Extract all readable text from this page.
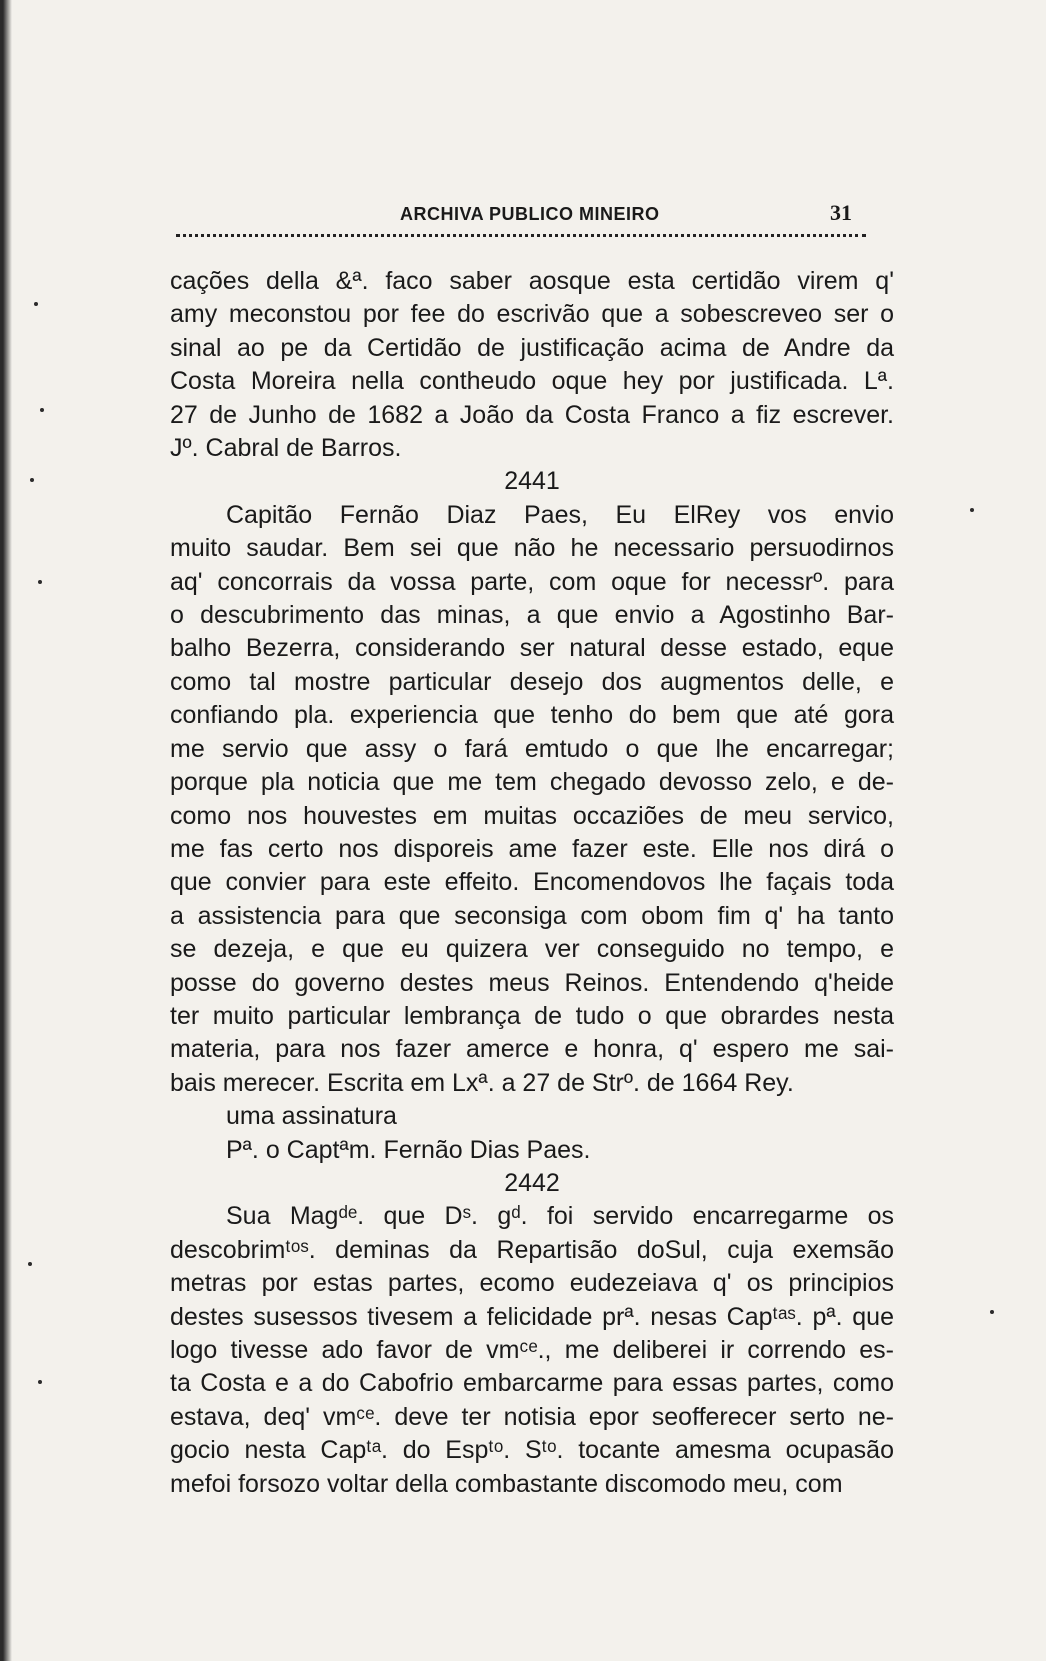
ARCHIVA PUBLICO MINEIRO	31

cações della &ª. faco saber aosque esta certidão virem q'
amy meconstou por fee do escrivão que a sobescreveo ser o
sinal ao pe da Certidão de justificação acima de Andre da
Costa Moreira nella contheudo oque hey por justificada. Lª.
27 de Junho de 1682 a João da Costa Franco a fiz escrever.
Jº. Cabral de Barros.

2441

Capitão Fernão Diaz Paes, Eu ElRey vos envio
muito saudar. Bem sei que não he necessario persuodirnos
aq' concorrais da vossa parte, com oque for necessrº. para
o descubrimento das minas, a que envio a Agostinho Bar-
balho Bezerra, considerando ser natural desse estado, eque
como tal mostre particular desejo dos augmentos delle, e
confiando pla. experiencia que tenho do bem que até gora
me servio que assy o fará emtudo o que lhe encarregar;
porque pla noticia que me tem chegado devosso zelo, e de-
como nos houvestes em muitas occaziões de meu servico,
me fas certo nos disporeis ame fazer este. Elle nos dirá o
que convier para este effeito. Encomendovos lhe façais toda
a assistencia para que seconsiga com obom fim q' ha tanto
se dezeja, e que eu quizera ver conseguido no tempo, e
posse do governo destes meus Reinos. Entendendo q'heide
ter muito particular lembrança de tudo o que obrardes nesta
materia, para nos fazer amerce e honra, q' espero me sai-
bais merecer. Escrita em Lxª. a 27 de Strº. de 1664 Rey.
uma assinatura
Pª. o Captªm. Fernão Dias Paes.

2442

Sua Magᵈᵉ. que Dˢ. gᵈ. foi servido encarregarme os
descobrimᵗᵒˢ. deminas da Repartisão doSul, cuja exemsão
metras por estas partes, ecomo eudezeiava q' os principios
destes susessos tivesem a felicidade prª. nesas Capᵗᵃˢ. pª. que
logo tivesse ado favor de vmᶜᵉ., me deliberei ir correndo es-
ta Costa e a do Cabofrio embarcarme para essas partes, como
estava, deq' vmᶜᵉ. deve ter notisia epor seofferecer serto ne-
gocio nesta Capᵗᵃ. do Espᵗᵒ. Sᵗᵒ. tocante amesma ocupasão
mefoi forsozo voltar della combastante discomodo meu, com
